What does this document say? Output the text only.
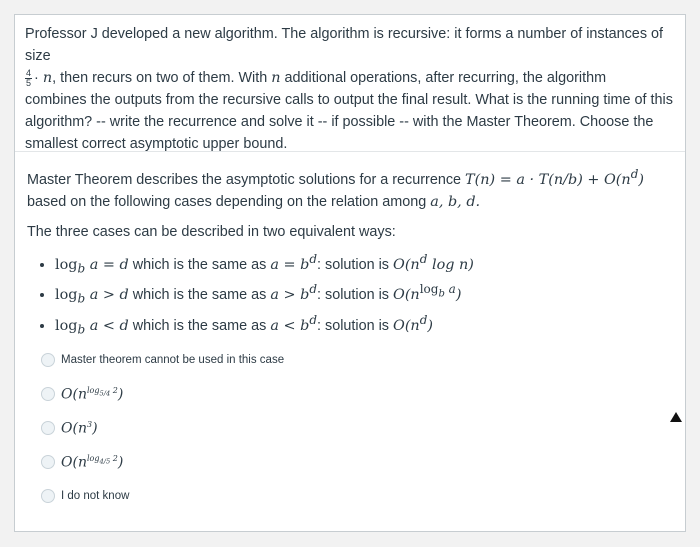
Professor J developed a new algorithm. The algorithm is recursive: it forms a number of instances of size
$\frac{4}{5} \cdot n$, then recurs on two of them. With n additional operations, after recurring, the algorithm
combines the outputs from the recursive calls to output the final result. What is the running time of this
algorithm? -- write the recurrence and solve it -- if possible -- with the Master Theorem. Choose the
smallest correct asymptotic upper bound.

Master Theorem describes the asymptotic solutions for a recurrence $T(n) = a \cdot T(n/b) + O(n^d)$

based on the following cases depending on the relation among a, b, d.

The three cases can be described in two equivalent ways:

• $\log_b a = d$ which is the same as $a = b^d$: solution is $O(n^d$ log n)
• $\log_b a > d$ which is the same as $a > b^d$: solution is $O(n^{log_b a})$
• $\log_b a < d$ which is the same as $a < b^d$: solution is $O(n^d)$
Master theorem cannot be used in this case
$O(n^{log_{5/4} 2})$
$O(n^3)$
$O(n^{log_{4/5} 2})$
I do not know
